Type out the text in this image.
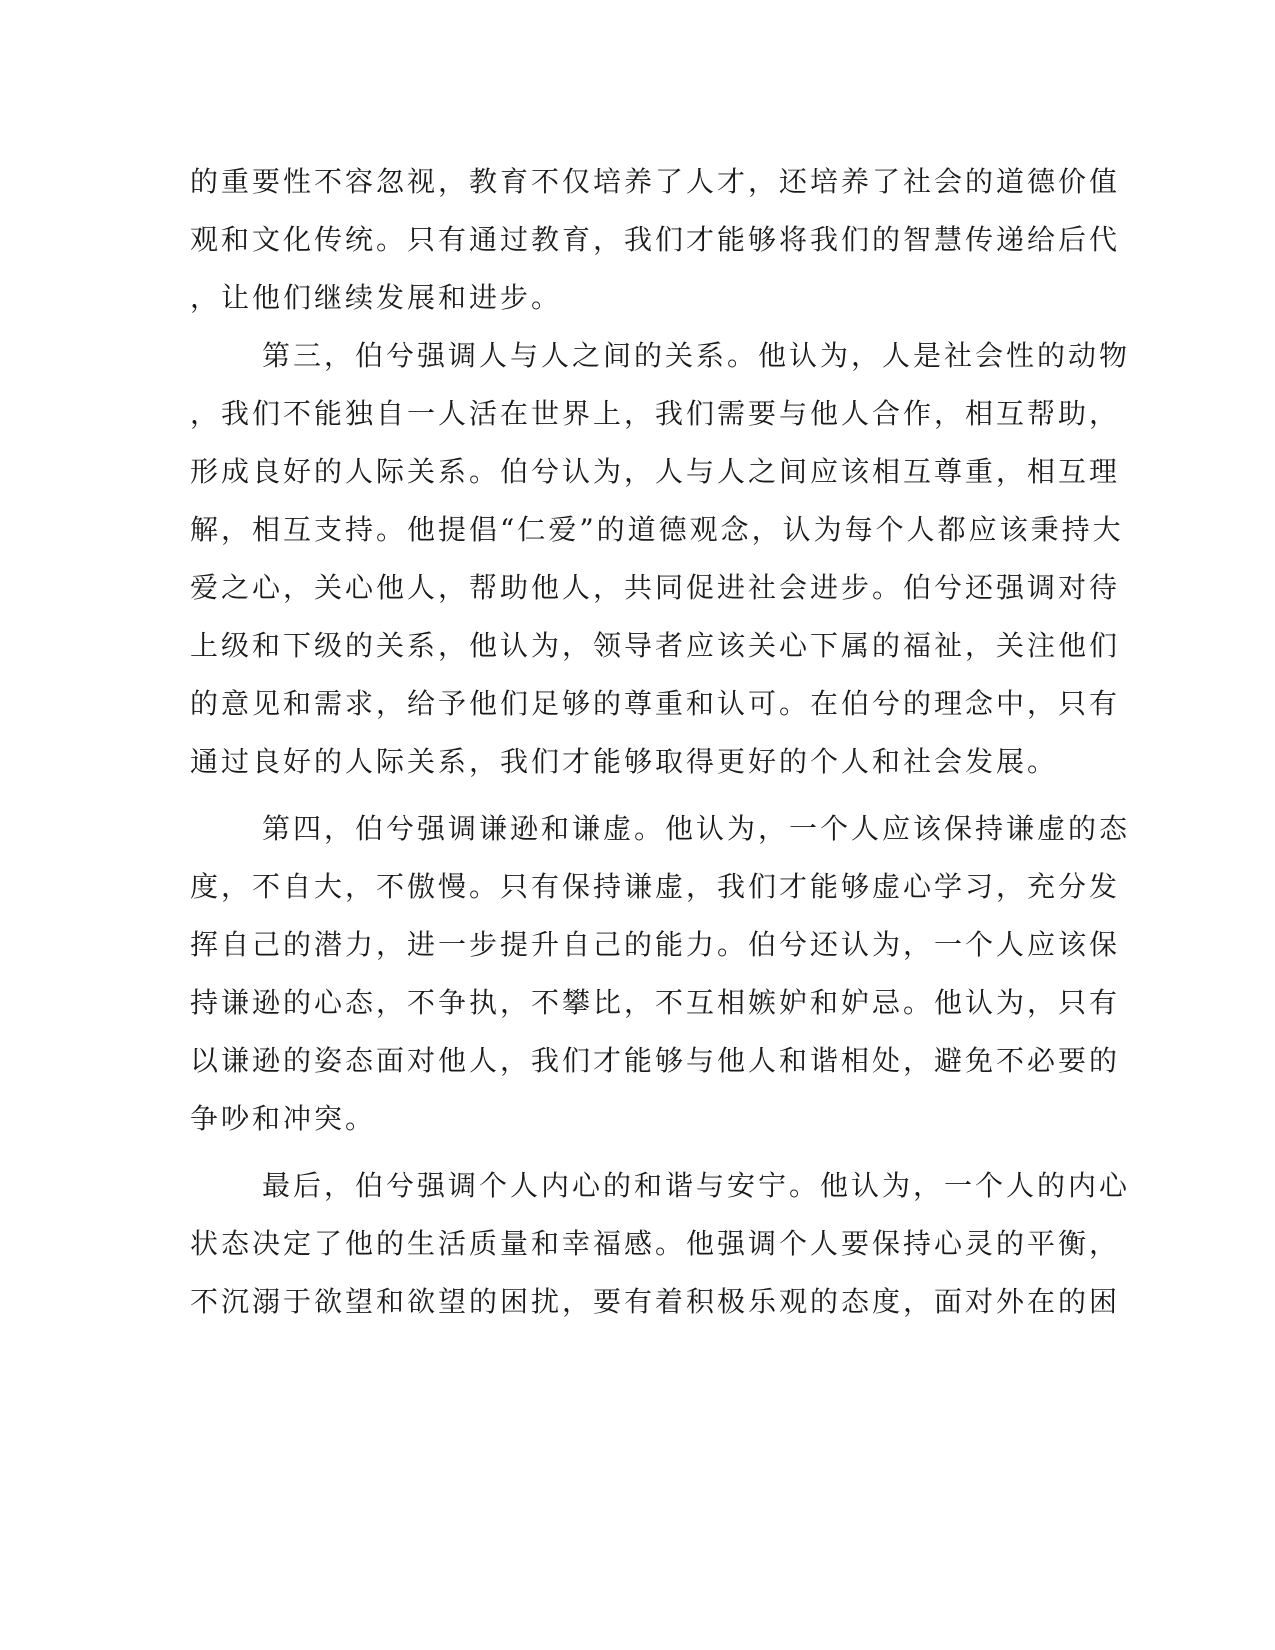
的重要性不容忽视，教育不仅培养了人才，还培养了社会的道德价值
观和文化传统。只有通过教育，我们才能够将我们的智慧传递给后代
，让他们继续发展和进步。
第三，伯兮强调人与人之间的关系。他认为，人是社会性的动物
，我们不能独自一人活在世界上，我们需要与他人合作，相互帮助，
形成良好的人际关系。伯兮认为，人与人之间应该相互尊重，相互理
解，相互支持。他提倡“仁爱”的道德观念，认为每个人都应该秉持大
爱之心，关心他人，帮助他人，共同促进社会进步。伯兮还强调对待
上级和下级的关系，他认为，领导者应该关心下属的福祉，关注他们
的意见和需求，给予他们足够的尊重和认可。在伯兮的理念中，只有
通过良好的人际关系，我们才能够取得更好的个人和社会发展。
第四，伯兮强调谦逊和谦虚。他认为，一个人应该保持谦虚的态
度，不自大，不傲慢。只有保持谦虚，我们才能够虚心学习，充分发
挥自己的潜力，进一步提升自己的能力。伯兮还认为，一个人应该保
持谦逊的心态，不争执，不攀比，不互相嫉妒和妒忌。他认为，只有
以谦逊的姿态面对他人，我们才能够与他人和谐相处，避免不必要的
争吵和冲突。
最后，伯兮强调个人内心的和谐与安宁。他认为，一个人的内心
状态决定了他的生活质量和幸福感。他强调个人要保持心灵的平衡，
不沉溺于欲望和欲望的困扰，要有着积极乐观的态度，面对外在的困
